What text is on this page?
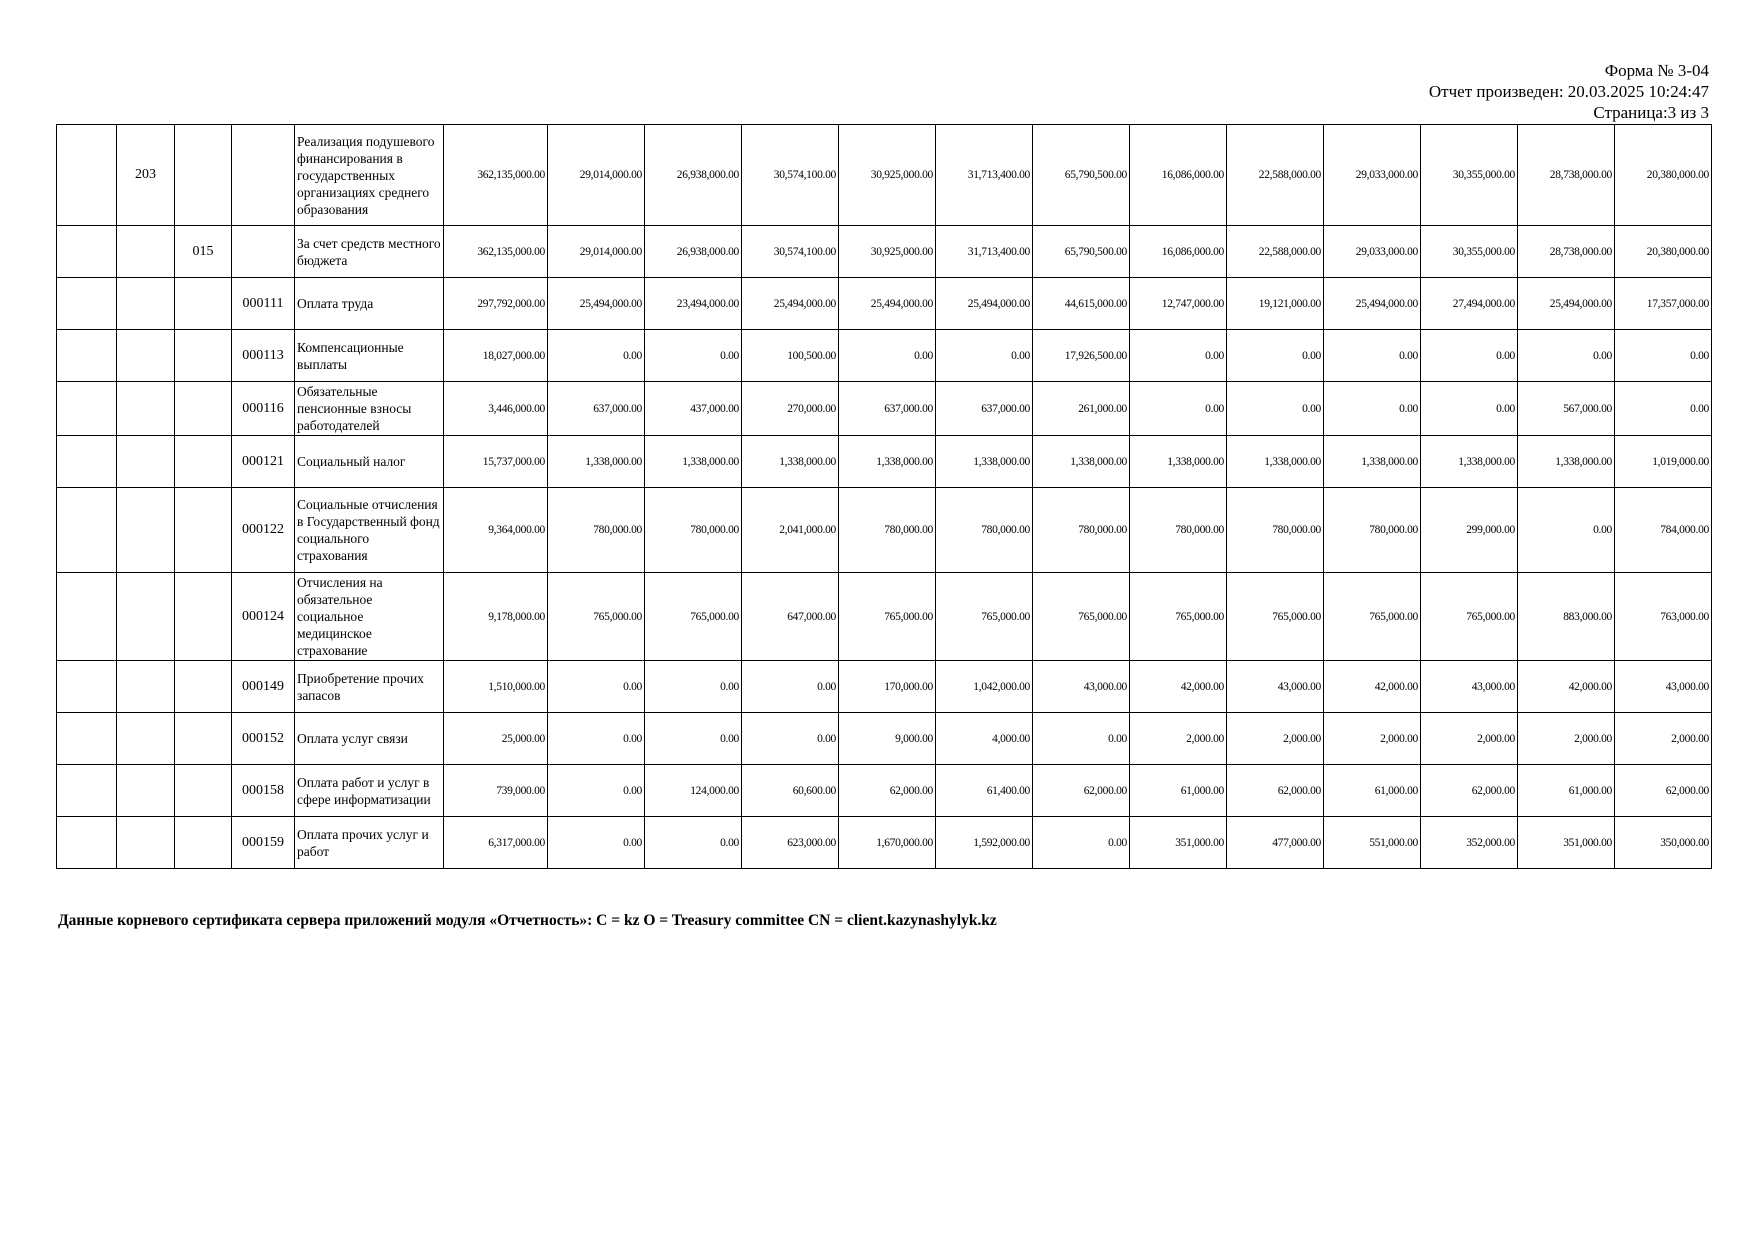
Форма № 3-04
Отчет произведен: 20.03.2025 10:24:47
Страница:3 из 3
	203			Реализация подушевого финансирования в государственных организациях среднего образования	362,135,000.00	29,014,000.00	26,938,000.00	30,574,100.00	30,925,000.00	31,713,400.00	65,790,500.00	16,086,000.00	22,588,000.00	29,033,000.00	30,355,000.00	28,738,000.00	20,380,000.00
		015		За счет средств местного бюджета	362,135,000.00	29,014,000.00	26,938,000.00	30,574,100.00	30,925,000.00	31,713,400.00	65,790,500.00	16,086,000.00	22,588,000.00	29,033,000.00	30,355,000.00	28,738,000.00	20,380,000.00
			000111	Оплата труда	297,792,000.00	25,494,000.00	23,494,000.00	25,494,000.00	25,494,000.00	25,494,000.00	44,615,000.00	12,747,000.00	19,121,000.00	25,494,000.00	27,494,000.00	25,494,000.00	17,357,000.00
			000113	Компенсационные выплаты	18,027,000.00	0.00	0.00	100,500.00	0.00	0.00	17,926,500.00	0.00	0.00	0.00	0.00	0.00	0.00
			000116	Обязательные пенсионные взносы работодателей	3,446,000.00	637,000.00	437,000.00	270,000.00	637,000.00	637,000.00	261,000.00	0.00	0.00	0.00	0.00	567,000.00	0.00
			000121	Социальный налог	15,737,000.00	1,338,000.00	1,338,000.00	1,338,000.00	1,338,000.00	1,338,000.00	1,338,000.00	1,338,000.00	1,338,000.00	1,338,000.00	1,338,000.00	1,338,000.00	1,019,000.00
			000122	Социальные отчисления в Государственный фонд социального страхования	9,364,000.00	780,000.00	780,000.00	2,041,000.00	780,000.00	780,000.00	780,000.00	780,000.00	780,000.00	780,000.00	299,000.00	0.00	784,000.00
			000124	Отчисления на обязательное социальное медицинское страхование	9,178,000.00	765,000.00	765,000.00	647,000.00	765,000.00	765,000.00	765,000.00	765,000.00	765,000.00	765,000.00	765,000.00	883,000.00	763,000.00
			000149	Приобретение прочих запасов	1,510,000.00	0.00	0.00	0.00	170,000.00	1,042,000.00	43,000.00	42,000.00	43,000.00	42,000.00	43,000.00	42,000.00	43,000.00
			000152	Оплата услуг связи	25,000.00	0.00	0.00	0.00	9,000.00	4,000.00	0.00	2,000.00	2,000.00	2,000.00	2,000.00	2,000.00	2,000.00
			000158	Оплата работ и услуг в сфере информатизации	739,000.00	0.00	124,000.00	60,600.00	62,000.00	61,400.00	62,000.00	61,000.00	62,000.00	61,000.00	62,000.00	61,000.00	62,000.00
			000159	Оплата прочих услуг и работ	6,317,000.00	0.00	0.00	623,000.00	1,670,000.00	1,592,000.00	0.00	351,000.00	477,000.00	551,000.00	352,000.00	351,000.00	350,000.00
Данные корневого сертификата сервера приложений модуля «Отчетность»: C = kz O = Treasury committee CN = client.kazynashylyk.kz
